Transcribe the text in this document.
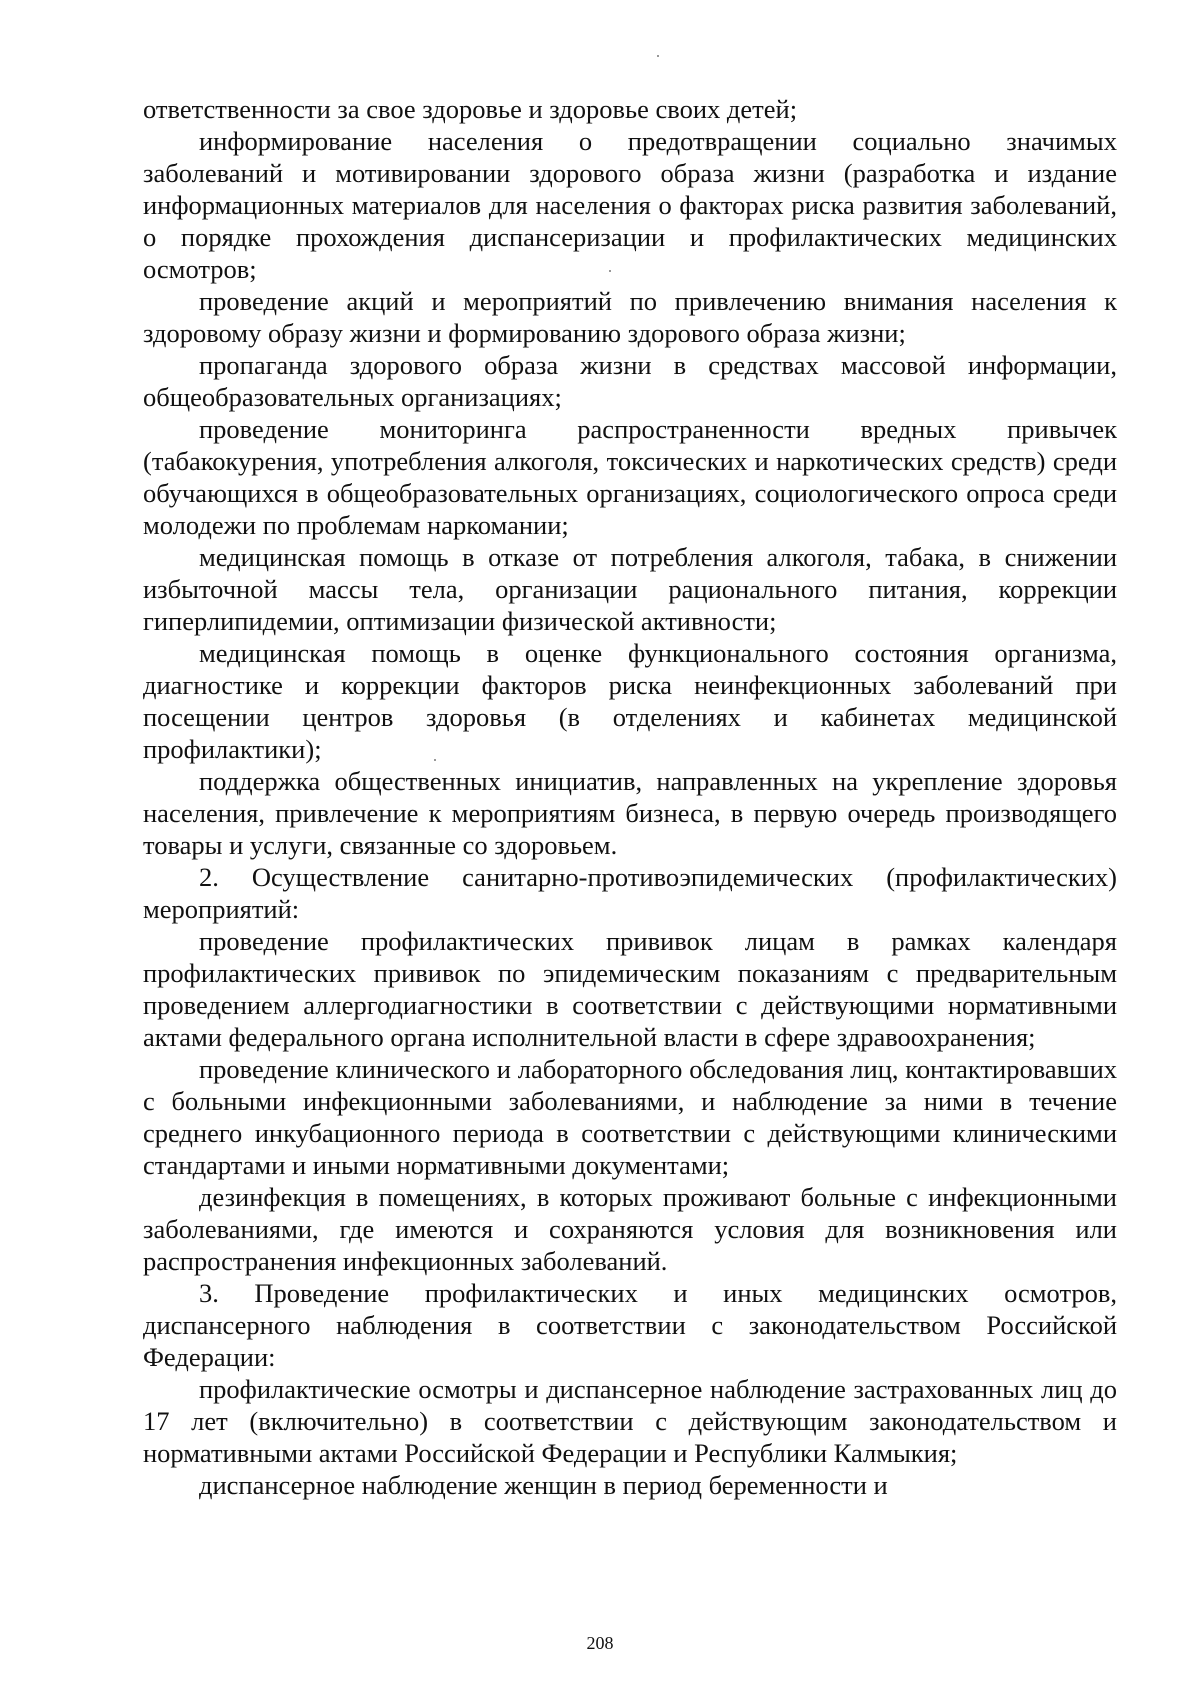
ответственности за свое здоровье и здоровье своих детей;

информирование населения о предотвращении социально значимых заболеваний и мотивировании здорового образа жизни (разработка и издание информационных материалов для населения о факторах риска развития заболеваний, о порядке прохождения диспансеризации и профилактических медицинских осмотров;

проведение акций и мероприятий по привлечению внимания населения к здоровому образу жизни и формированию здорового образа жизни;

пропаганда здорового образа жизни в средствах массовой информации, общеобразовательных организациях;

проведение мониторинга распространенности вредных привычек (табакокурения, употребления алкоголя, токсических и наркотических средств) среди обучающихся в общеобразовательных организациях, социологического опроса среди молодежи по проблемам наркомании;

медицинская помощь в отказе от потребления алкоголя, табака, в снижении избыточной массы тела, организации рационального питания, коррекции гиперлипидемии, оптимизации физической активности;

медицинская помощь в оценке функционального состояния организма, диагностике и коррекции факторов риска неинфекционных заболеваний при посещении центров здоровья (в отделениях и кабинетах медицинской профилактики);

поддержка общественных инициатив, направленных на укрепление здоровья населения, привлечение к мероприятиям бизнеса, в первую очередь производящего товары и услуги, связанные со здоровьем.

2. Осуществление санитарно-противоэпидемических (профилактических) мероприятий:

проведение профилактических прививок лицам в рамках календаря профилактических прививок по эпидемическим показаниям с предварительным проведением аллергодиагностики в соответствии с действующими нормативными актами федерального органа исполнительной власти в сфере здравоохранения;

проведение клинического и лабораторного обследования лиц, контактировавших с больными инфекционными заболеваниями, и наблюдение за ними в течение среднего инкубационного периода в соответствии с действующими клиническими стандартами и иными нормативными документами;

дезинфекция в помещениях, в которых проживают больные с инфекционными заболеваниями, где имеются и сохраняются условия для возникновения или распространения инфекционных заболеваний.

3. Проведение профилактических и иных медицинских осмотров, диспансерного наблюдения в соответствии с законодательством Российской Федерации:

профилактические осмотры и диспансерное наблюдение застрахованных лиц до 17 лет (включительно) в соответствии с действующим законодательством и нормативными актами Российской Федерации и Республики Калмыкия;

диспансерное наблюдение женщин в период беременности и

208
